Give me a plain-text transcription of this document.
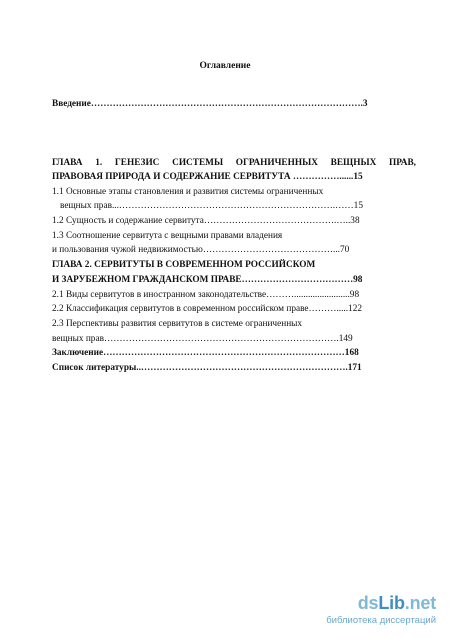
Оглавление
Введение…………………………………………………………………………….3
ГЛАВА 1. ГЕНЕЗИС СИСТЕМЫ ОГРАНИЧЕННЫХ ВЕЩНЫХ ПРАВ,
ПРАВОВАЯ ПРИРОДА И СОДЕРЖАНИЕ СЕРВИТУТА ……………......15
1.1 Основные этапы становления и развития системы ограниченных
вещных прав...…………………………………………………………….……15
1.2 Сущность и содержание сервитута…………………………………….…..38
1.3 Соотношение сервитута с вещными правами владения
и пользования чужой недвижимостью……………………………………...70
ГЛАВА 2. СЕРВИТУТЫ В СОВРЕМЕННОМ РОССИЙСКОМ
И ЗАРУБЕЖНОМ ГРАЖДАНСКОМ ПРАВЕ………………………………98
2.1 Виды сервитутов в иностранном законодательстве………........................98
2.2 Классификация сервитутов в современном российском праве……….....122
2.3 Перспективы развития сервитутов в системе ограниченных
вещных прав………………………………………………………………….149
Заключение……………………………………………………………………168
Список литературы..………………………………………………………….171
dsLib.net
библиотека диссертаций
